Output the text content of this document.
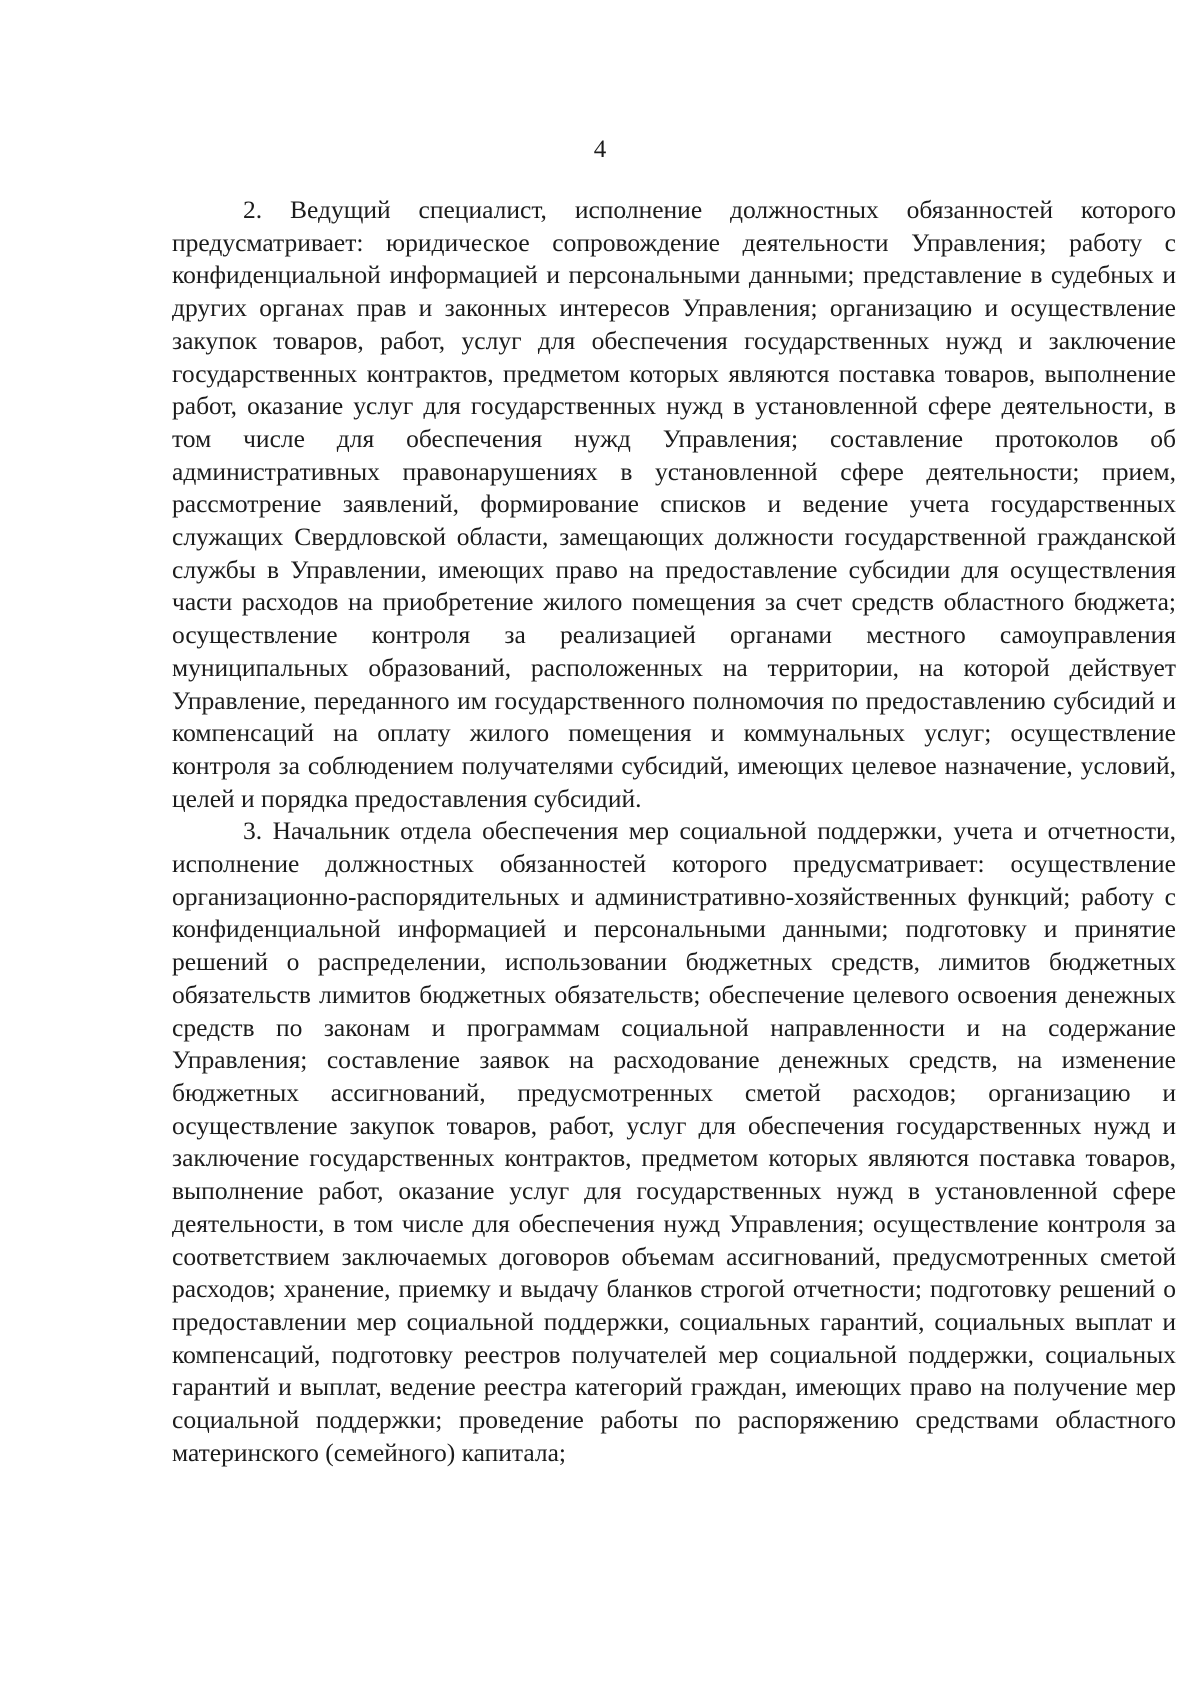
4

2. Ведущий специалист, исполнение должностных обязанностей которого предусматривает: юридическое сопровождение деятельности Управления; работу с конфиденциальной информацией и персональными данными; представление в судебных и других органах прав и законных интересов Управления; организацию и осуществление закупок товаров, работ, услуг для обеспечения государственных нужд и заключение государственных контрактов, предметом которых являются поставка товаров, выполнение работ, оказание услуг для государственных нужд в установленной сфере деятельности, в том числе для обеспечения нужд Управления; составление протоколов об административных правонарушениях в установленной сфере деятельности; прием, рассмотрение заявлений, формирование списков и ведение учета государственных служащих Свердловской области, замещающих должности государственной гражданской службы в Управлении, имеющих право на предоставление субсидии для осуществления части расходов на приобретение жилого помещения за счет средств областного бюджета; осуществление контроля за реализацией органами местного самоуправления муниципальных образований, расположенных на территории, на которой действует Управление, переданного им государственного полномочия по предоставлению субсидий и компенсаций на оплату жилого помещения и коммунальных услуг; осуществление контроля за соблюдением получателями субсидий, имеющих целевое назначение, условий, целей и порядка предоставления субсидий.

3. Начальник отдела обеспечения мер социальной поддержки, учета и отчетности, исполнение должностных обязанностей которого предусматривает: осуществление организационно-распорядительных и административно-хозяйственных функций; работу с конфиденциальной информацией и персональными данными; подготовку и принятие решений о распределении, использовании бюджетных средств, лимитов бюджетных обязательств лимитов бюджетных обязательств; обеспечение целевого освоения денежных средств по законам и программам социальной направленности и на содержание Управления; составление заявок на расходование денежных средств, на изменение бюджетных ассигнований, предусмотренных сметой расходов; организацию и осуществление закупок товаров, работ, услуг для обеспечения государственных нужд и заключение государственных контрактов, предметом которых являются поставка товаров, выполнение работ, оказание услуг для государственных нужд в установленной сфере деятельности, в том числе для обеспечения нужд Управления; осуществление контроля за соответствием заключаемых договоров объемам ассигнований, предусмотренных сметой расходов; хранение, приемку и выдачу бланков строгой отчетности; подготовку решений о предоставлении мер социальной поддержки, социальных гарантий, социальных выплат и компенсаций, подготовку реестров получателей мер социальной поддержки, социальных гарантий и выплат, ведение реестра категорий граждан, имеющих право на получение мер социальной поддержки; проведение работы по распоряжению средствами областного материнского (семейного) капитала;
